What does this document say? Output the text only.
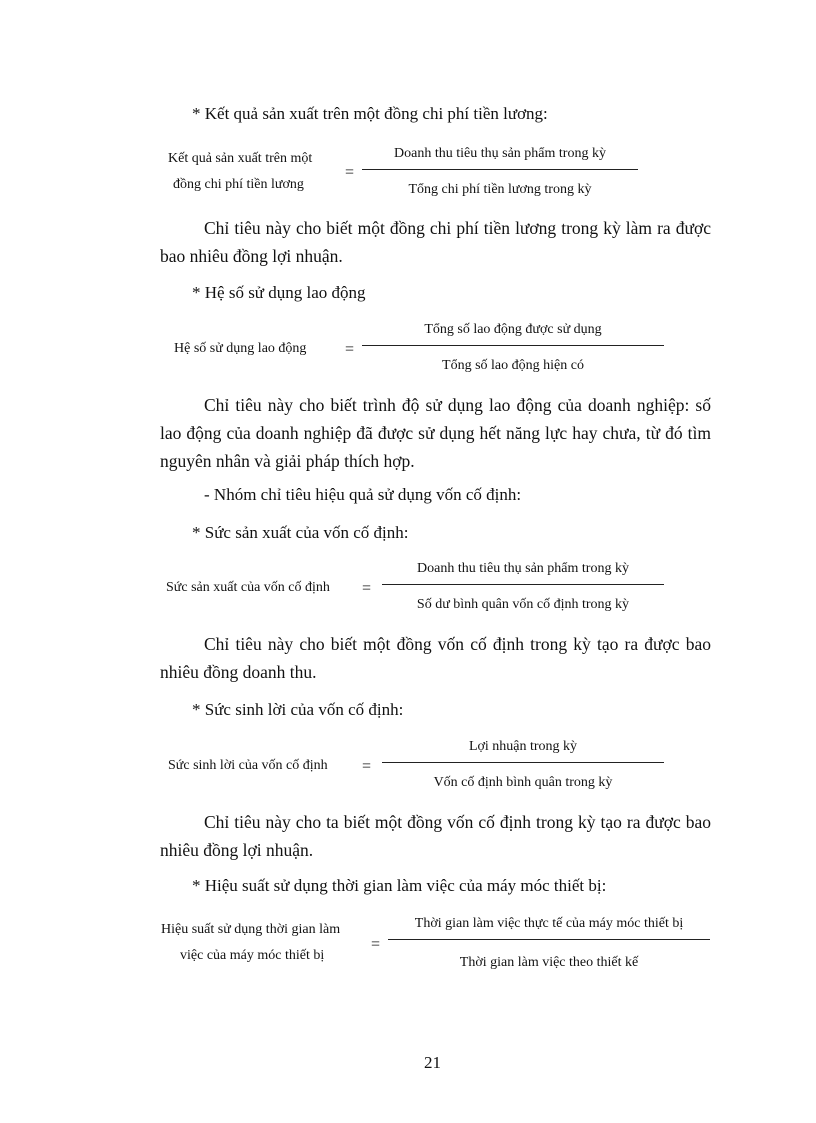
* Kết quả sản xuất trên một đồng chi phí tiền lương:
Kết quả sản xuất trên một
đồng chi phí tiền lương
=
Doanh thu tiêu thụ sản phẩm trong kỳ
Tổng chi phí tiền lương trong kỳ
Chỉ tiêu này cho biết một đồng chi phí tiền lương trong kỳ làm ra được
bao nhiêu đồng lợi nhuận.
* Hệ số sử dụng lao động
Hệ số sử dụng lao động =
Tổng số lao động được sử dụng
Tổng số lao động hiện có
Chỉ tiêu này cho biết trình độ sử dụng lao động của doanh nghiệp: số
lao động của doanh nghiệp đã được sử dụng hết năng lực hay chưa, từ đó tìm
nguyên nhân và giải pháp thích hợp.
- Nhóm chỉ tiêu hiệu quả sử dụng vốn cố định:
* Sức sản xuất của vốn cố định:
Sức sản xuất của vốn cố định =
Doanh thu tiêu thụ sản phẩm trong kỳ
Số dư bình quân vốn cố định trong kỳ
Chỉ tiêu này cho biết một đồng vốn cố định trong kỳ tạo ra được bao
nhiêu đồng doanh thu.
* Sức sinh lời của vốn cố định:
Sức sinh lời của vốn cố định =
Lợi nhuận trong kỳ
Vốn cố định bình quân trong kỳ
Chỉ tiêu này cho ta biết một đồng vốn cố định trong kỳ tạo ra được bao
nhiêu đồng lợi nhuận.
* Hiệu suất sử dụng thời gian làm việc của máy móc thiết bị:
Hiệu suất sử dụng thời gian làm
việc của máy móc thiết bị
=
Thời gian làm việc thực tế của máy móc thiết bị
Thời gian làm việc theo thiết kế
21
